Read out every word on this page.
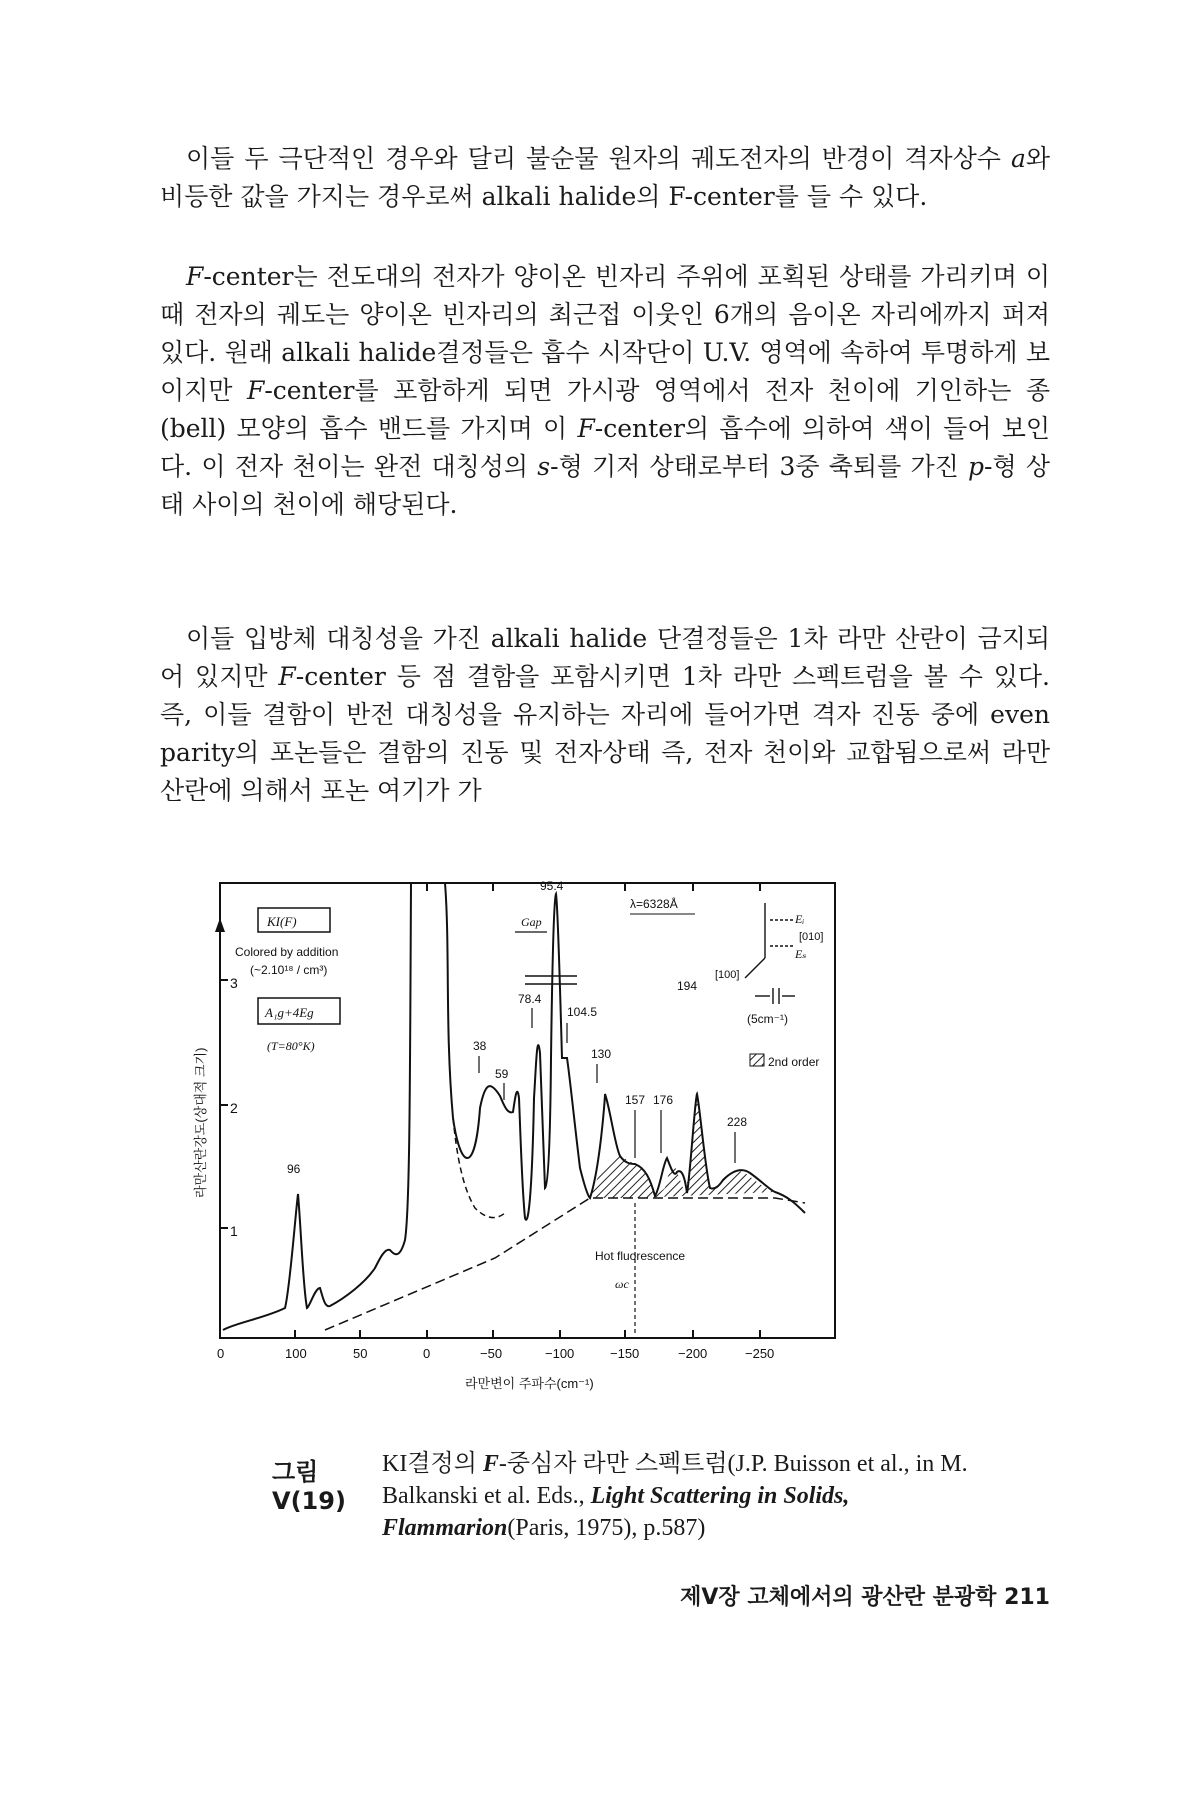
이들 두 극단적인 경우와 달리 불순물 원자의 궤도전자의 반경이 격자상수 a와 비등한 값을 가지는 경우로써 alkali halide의 F-center를 들 수 있다.

F-center는 전도대의 전자가 양이온 빈자리 주위에 포획된 상태를 가리키며 이때 전자의 궤도는 양이온 빈자리의 최근접 이웃인 6개의 음이온 자리에까지 퍼져 있다. 원래 alkali halide결정들은 흡수 시작단이 U.V. 영역에 속하여 투명하게 보이지만 F-center를 포함하게 되면 가시광 영역에서 전자 천이에 기인하는 종(bell) 모양의 흡수 밴드를 가지며 이 F-center의 흡수에 의하여 색이 들어 보인다. 이 전자 천이는 완전 대칭성의 s-형 기저 상태로부터 3중 축퇴를 가진 p-형 상태 사이의 천이에 해당된다.

이들 입방체 대칭성을 가진 alkali halide 단결정들은 1차 라만 산란이 금지되어 있지만 F-center 등 점 결함을 포함시키면 1차 라만 스펙트럼을 볼 수 있다. 즉, 이들 결함이 반전 대칭성을 유지하는 자리에 들어가면 격자 진동 중에 even parity의 포논들은 결함의 진동 및 전자상태 즉, 전자 천이와 교합됨으로써 라만 산란에 의해서 포논 여기가 가

3
2
1
0	100	50	0	−50	−100	−150	−200	−250
라만산란강도(상대적 크기)
라만변이 주파수(cm⁻¹)
96
38
59
78.4
95.4
104.5
130
157 176
194
228
KI(F)
Colored by addition
(~2.10¹⁸ / cm³)
A₁g+4Eg
(T=80°K)
Gap
λ=6328Å
Eᵢ
Eₛ
[010]
[100]
(5cm⁻¹)
2nd order
Hot fluorescence
ωc
그림 V(19)
KI결정의 F-중심자 라만 스펙트럼(J.P. Buisson et al., in M. Balkanski et al. Eds., Light Scattering in Solids, Flammarion(Paris, 1975), p.587)
제V장 고체에서의 광산란 분광학 211
